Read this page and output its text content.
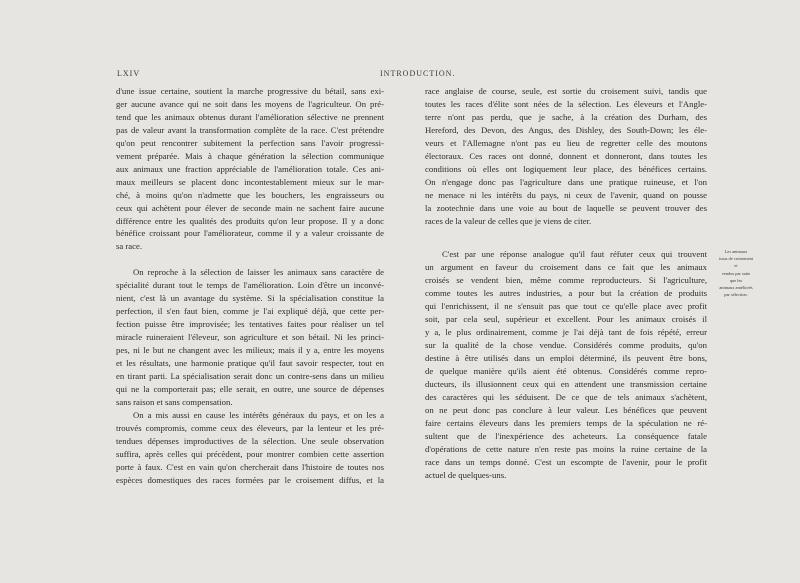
LXIV	INTRODUCTION.

d'une issue certaine, soutient la marche progressive du bétail, sans exi-
ger aucune avance qui ne soit dans les moyens de l'agriculteur. On pré-
tend que les animaux obtenus durant l'amélioration sélective ne prennent
pas de valeur avant la transformation complète de la race. C'est prétendre
qu'on peut rencontrer subitement la perfection sans l'avoir progressi-
vement préparée. Mais à chaque génération la sélection communique
aux animaux une fraction appréciable de l'amélioration totale. Ces ani-
maux meilleurs se placent donc incontestablement mieux sur le mar-
ché, à moins qu'on n'admette que les bouchers, les engraisseurs ou
ceux qui achètent pour élever de seconde main ne sachent faire aucune
différence entre les qualités des produits qu'on leur propose. Il y a donc
bénéfice croissant pour l'améliorateur, comme il y a valeur croissante de
sa race.

On reproche à la sélection de laisser les animaux sans caractère de
spécialité durant tout le temps de l'amélioration. Loin d'être un inconvé-
nient, c'est là un avantage du système. Si la spécialisation constitue la
perfection, il s'en faut bien, comme je l'ai expliqué déjà, que cette per-
fection puisse être improvisée; les tentatives faites pour réaliser un tel
miracle ruineraient l'éleveur, son agriculture et son bétail. Ni les princi-
pes, ni le but ne changent avec les milieux; mais il y a, entre les moyens
et les résultats, une harmonie pratique qu'il faut savoir respecter, tout en
en tirant parti. La spécialisation serait donc un contre-sens dans un milieu
qui ne la comporterait pas; elle serait, en outre, une source de dépenses
sans raison et sans compensation.

On a mis aussi en cause les intérêts généraux du pays, et on les a
trouvés compromis, comme ceux des éleveurs, par la lenteur et les pré-
tendues dépenses improductives de la sélection. Une seule observation
suffira, après celles qui précèdent, pour montrer combien cette assertion
porte à faux. C'est en vain qu'on chercherait dans l'histoire de toutes nos
espèces domestiques des races formées par le croisement diffus, et la

race anglaise de course, seule, est sortie du croisement suivi, tandis que
toutes les races d'élite sont nées de la sélection. Les éleveurs et l'Angle-
terre n'ont pas perdu, que je sache, à la création des Durham, des
Hereford, des Devon, des Angus, des Dishley, des South-Down; les éle-
veurs et l'Allemagne n'ont pas eu lieu de regretter celle des moutons
électoraux. Ces races ont donné, donnent et donneront, dans toutes les
conditions où elles ont logiquement leur place, des bénéfices certains.
On n'engage donc pas l'agriculture dans une pratique ruineuse, et l'on
ne menace ni les intérêts du pays, ni ceux de l'avenir, quand on pousse
la zootechnie dans une voie au bout de laquelle se peuvent trouver des
races de la valeur de celles que je viens de citer.

C'est par une réponse analogue qu'il faut réfuter ceux qui trouvent
un argument en faveur du croisement dans ce fait que les animaux
croisés se vendent bien, même comme reproducteurs. Si l'agriculture,
comme toutes les autres industries, a pour but la création de produits
qui l'enrichissent, il ne s'ensuit pas que tout ce qu'elle place avec profit
soit, par cela seul, supérieur et excellent. Pour les animaux croisés il
y a, le plus ordinairement, comme je l'ai déjà tant de fois répété, erreur
sur la qualité de la chose vendue. Considérés comme produits, qu'on
destine à être utilisés dans un emploi déterminé, ils peuvent être bons,
de quelque manière qu'ils aient été obtenus. Considérés comme repro-
ducteurs, ils illusionnent ceux qui en attendent une transmission certaine
des caractères qui les séduisent. De ce que de tels animaux s'achètent,
on ne peut donc pas conclure à leur valeur. Les bénéfices que peuvent
faire certains éleveurs dans les premiers temps de la spéculation ne ré-
sultent que de l'inexpérience des acheteurs. La conséquence fatale
d'opérations de cette nature n'en reste pas moins la ruine certaine de la
race dans un temps donné. C'est un escompte de l'avenir, pour le profit
actuel de quelques-uns.

Les animaux
issus de croisement
et
vendus par suite
que les
animaux améliorés
par sélection.
